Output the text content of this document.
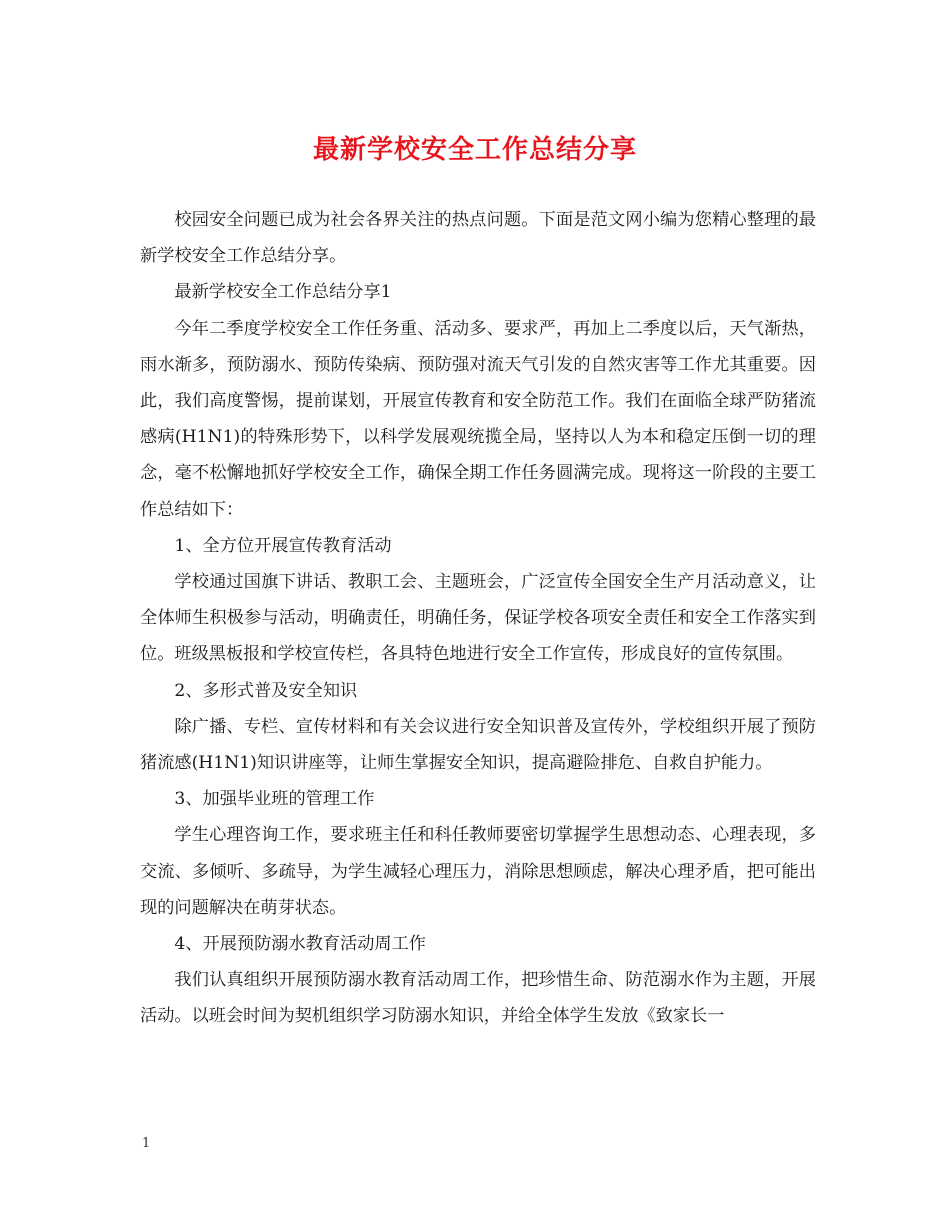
最新学校安全工作总结分享

校园安全问题已成为社会各界关注的热点问题。下面是范文网小编为您精心整理的最新学校安全工作总结分享。

最新学校安全工作总结分享1

今年二季度学校安全工作任务重、活动多、要求严，再加上二季度以后，天气渐热，雨水渐多，预防溺水、预防传染病、预防强对流天气引发的自然灾害等工作尤其重要。因此，我们高度警惕，提前谋划，开展宣传教育和安全防范工作。我们在面临全球严防猪流感病(H1N1)的特殊形势下，以科学发展观统揽全局，坚持以人为本和稳定压倒一切的理念，毫不松懈地抓好学校安全工作，确保全期工作任务圆满完成。现将这一阶段的主要工作总结如下：

1、全方位开展宣传教育活动

学校通过国旗下讲话、教职工会、主题班会，广泛宣传全国安全生产月活动意义，让全体师生积极参与活动，明确责任，明确任务，保证学校各项安全责任和安全工作落实到位。班级黑板报和学校宣传栏，各具特色地进行安全工作宣传，形成良好的宣传氛围。

2、多形式普及安全知识

除广播、专栏、宣传材料和有关会议进行安全知识普及宣传外，学校组织开展了预防猪流感(H1N1)知识讲座等，让师生掌握安全知识，提高避险排危、自救自护能力。

3、加强毕业班的管理工作

学生心理咨询工作，要求班主任和科任教师要密切掌握学生思想动态、心理表现，多交流、多倾听、多疏导，为学生减轻心理压力，消除思想顾虑，解决心理矛盾，把可能出现的问题解决在萌芽状态。

4、开展预防溺水教育活动周工作

我们认真组织开展预防溺水教育活动周工作，把珍惜生命、防范溺水作为主题，开展活动。以班会时间为契机组织学习防溺水知识，并给全体学生发放《致家长一

1
